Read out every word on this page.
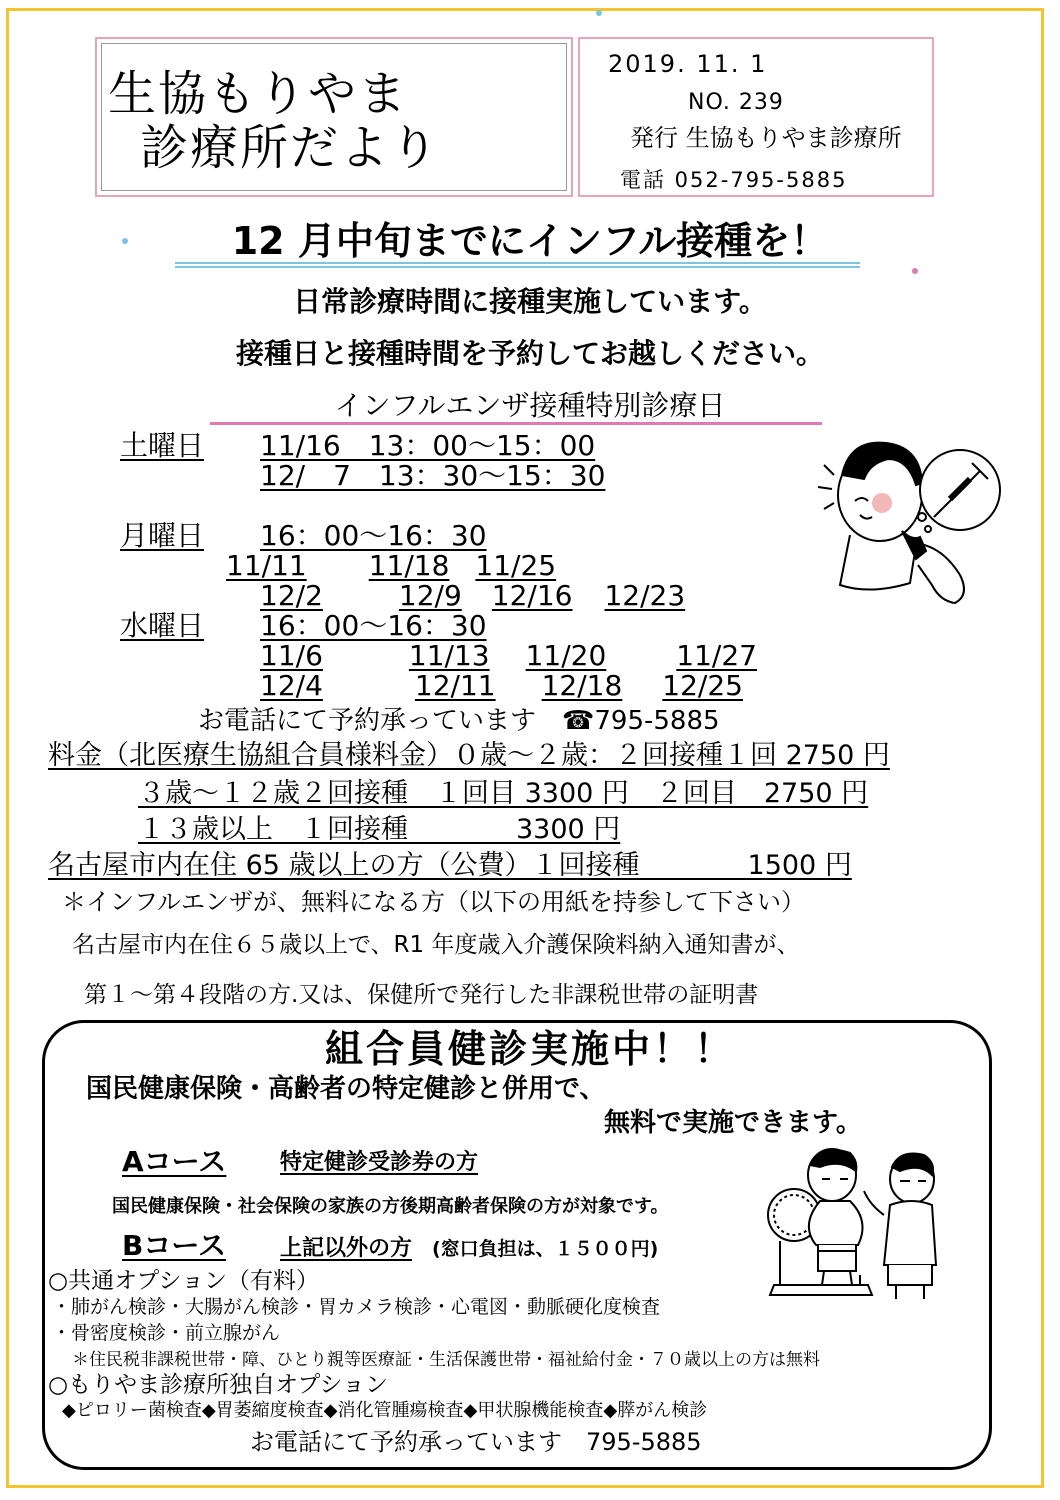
生協もりやま
診療所だより
2019. 11. 1
NO. 239
発行 生協もりやま診療所
電話 052-795-5885
12 月中旬までにインフル接種を！
日常診療時間に接種実施しています。
接種日と接種時間を予約してお越しください。
インフルエンザ接種特別診療日
土曜日 11/16　13：00～15：00
12/　7　13：30～15：30
月曜日 16：00～16：30
11/11 11/18 11/25
12/2	12/9 12/16 12/23
水曜日 16：00～16：30
11/6	11/13 11/20	11/27
12/4	12/11 12/18 12/25
お電話にて予約承っています　☎795-5885
料金（北医療生協組合員様料金）０歳～２歳：２回接種１回 2750 円
３歳～１２歳２回接種　１回目 3300 円　２回目　2750 円
１３歳以上　１回接種　　　　3300 円
名古屋市内在住 65 歳以上の方（公費）１回接種　　　　1500 円
＊インフルエンザが、無料になる方（以下の用紙を持参して下さい）
名古屋市内在住６５歳以上で、R1 年度歳入介護保険料納入通知書が、
第１～第４段階の方.又は、保健所で発行した非課税世帯の証明書
組合員健診実施中！！
国民健康保険・高齢者の特定健診と併用で、
無料で実施できます。
Aコース 特定健診受診券の方
国民健康保険・社会保険の家族の方後期高齢者保険の方が対象です。
Bコース 上記以外の方 (窓口負担は、１５００円)
○共通オプション（有料）
・肺がん検診・大腸がん検診・胃カメラ検診・心電図・動脈硬化度検査
・骨密度検診・前立腺がん
＊住民税非課税世帯・障、ひとり親等医療証・生活保護世帯・福祉給付金・７０歳以上の方は無料
○もりやま診療所独自オプション
◆ピロリー菌検査◆胃萎縮度検査◆消化管腫瘍検査◆甲状腺機能検査◆膵がん検診
お電話にて予約承っています　795-5885
